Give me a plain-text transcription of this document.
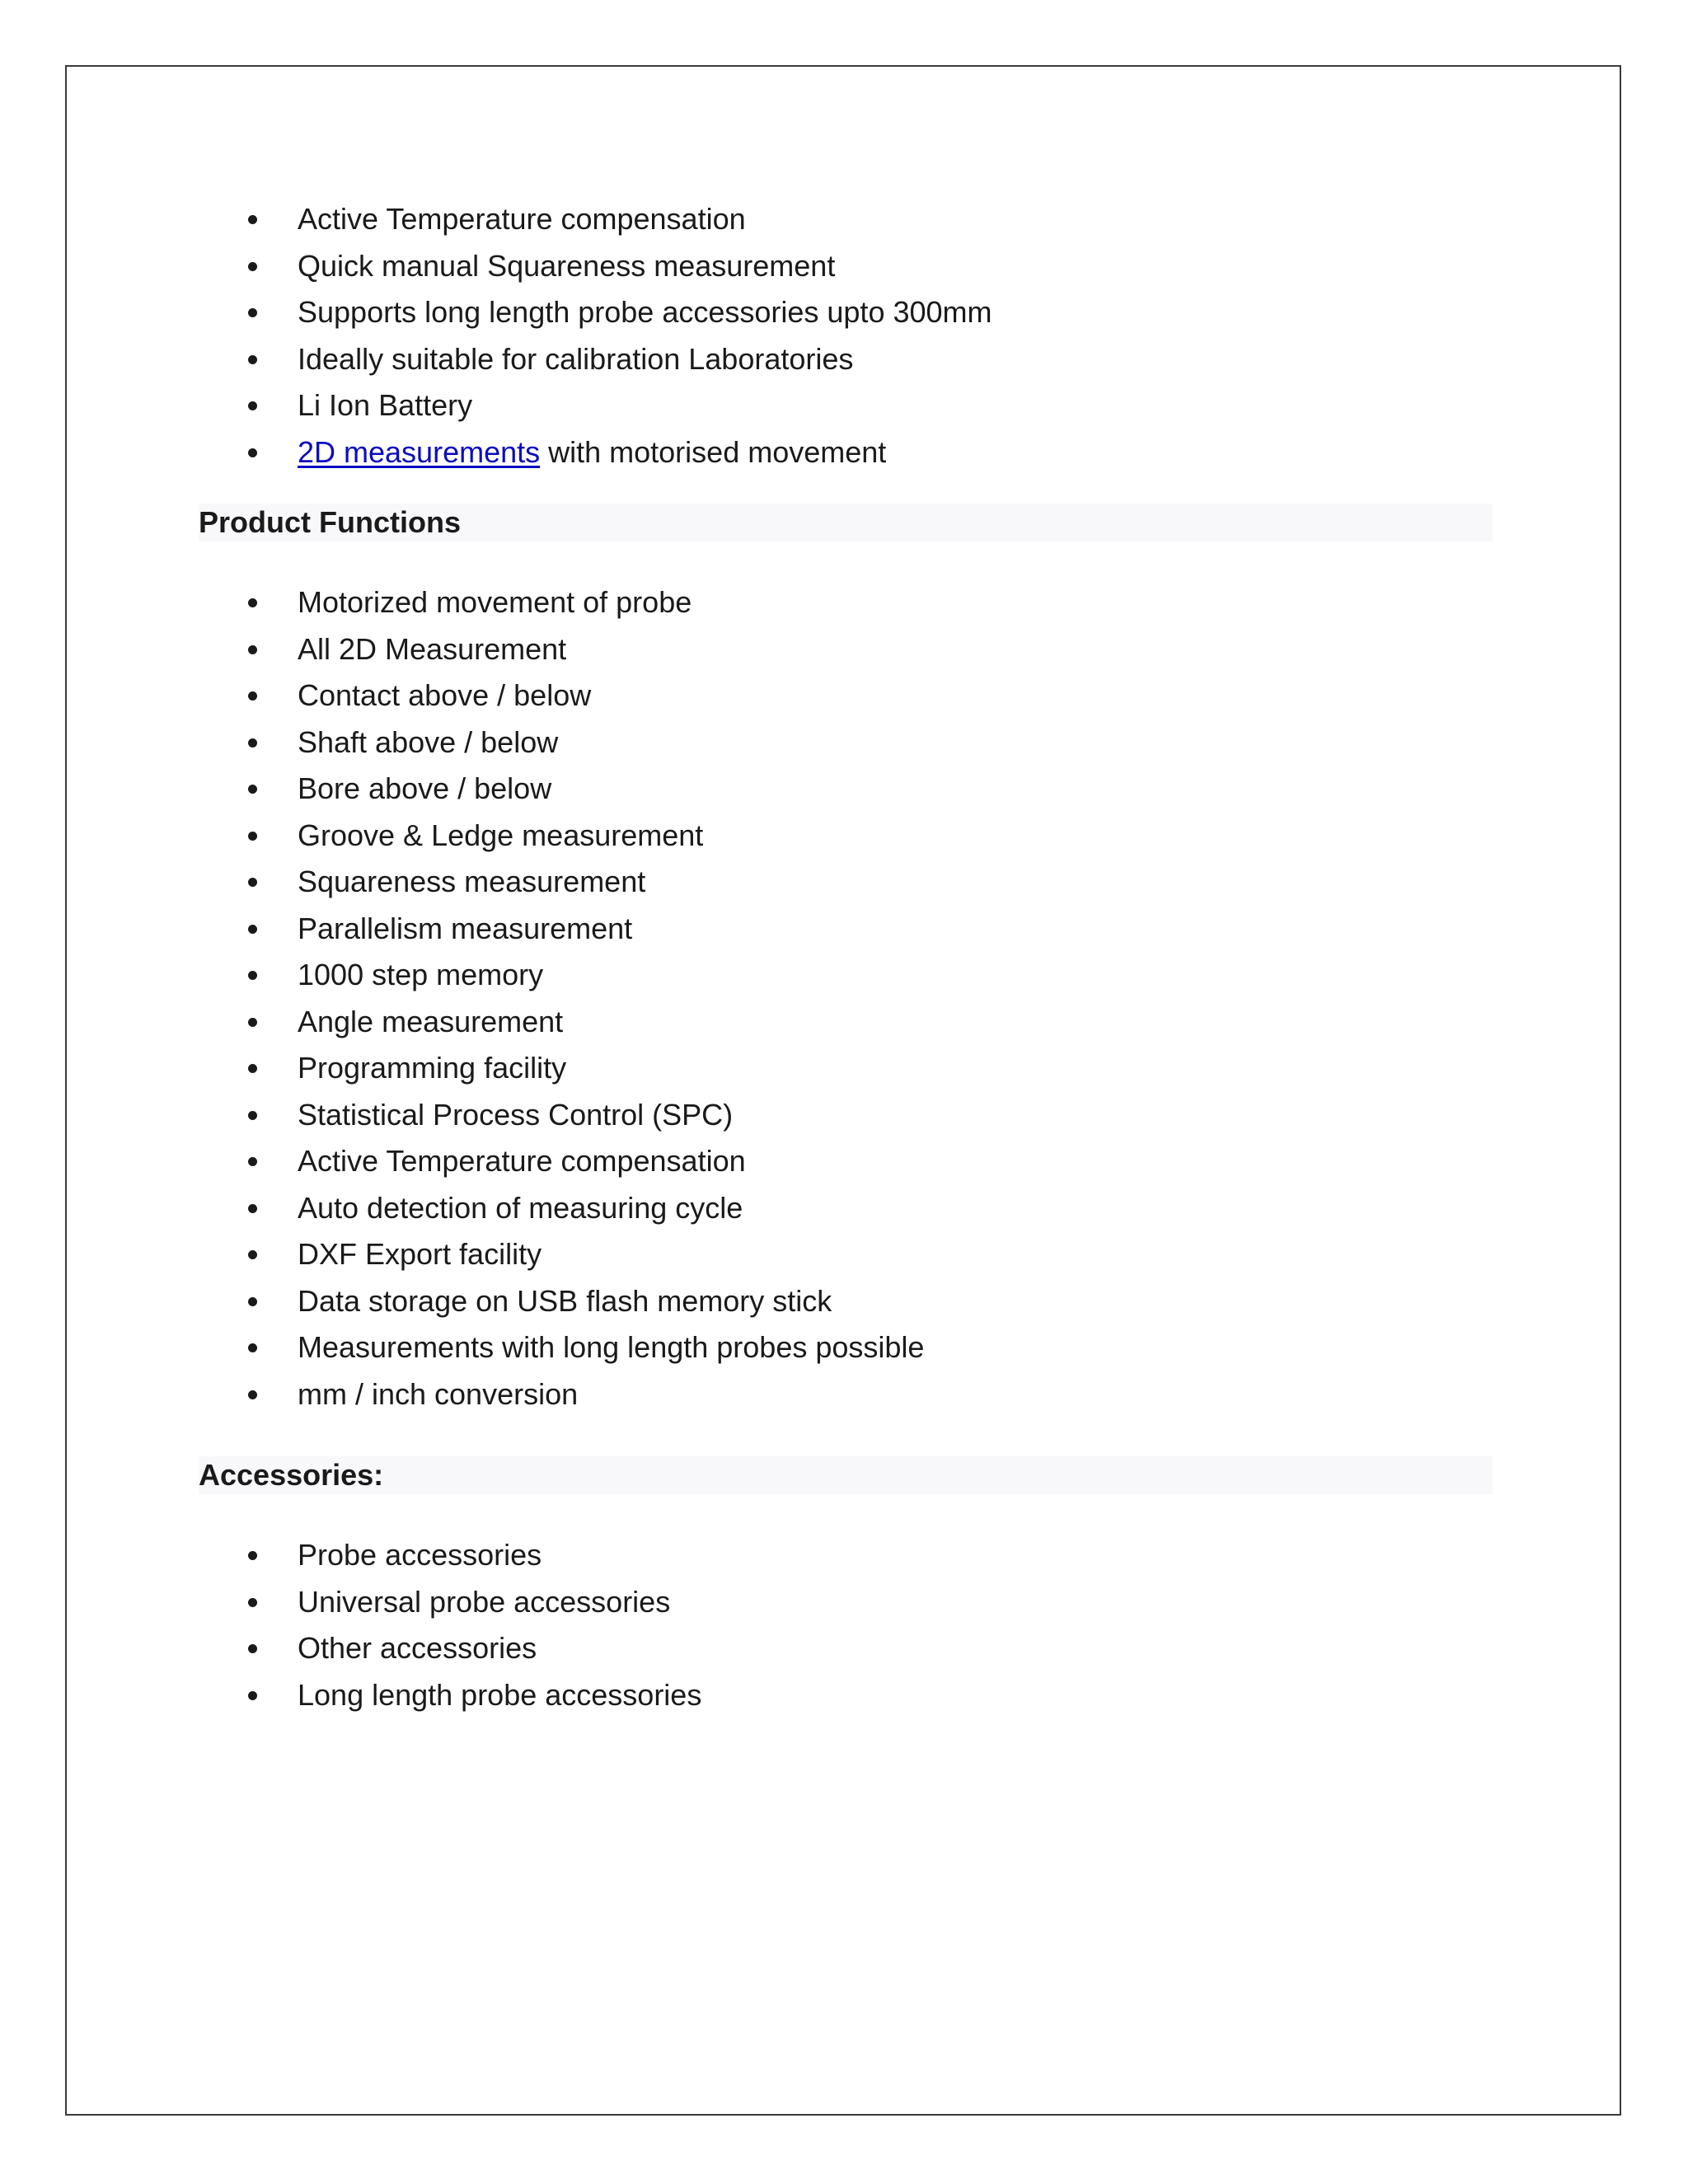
Active Temperature compensation
Quick manual Squareness measurement
Supports long length probe accessories upto 300mm
Ideally suitable for calibration Laboratories
Li Ion Battery
2D measurements with motorised movement
Product Functions
Motorized movement of probe
All 2D Measurement
Contact above / below
Shaft above / below
Bore above / below
Groove & Ledge measurement
Squareness measurement
Parallelism measurement
1000 step memory
Angle measurement
Programming facility
Statistical Process Control (SPC)
Active Temperature compensation
Auto detection of measuring cycle
DXF Export facility
Data storage on USB flash memory stick
Measurements with long length probes possible
mm / inch conversion
Accessories:
Probe accessories
Universal probe accessories
Other accessories
Long length probe accessories
